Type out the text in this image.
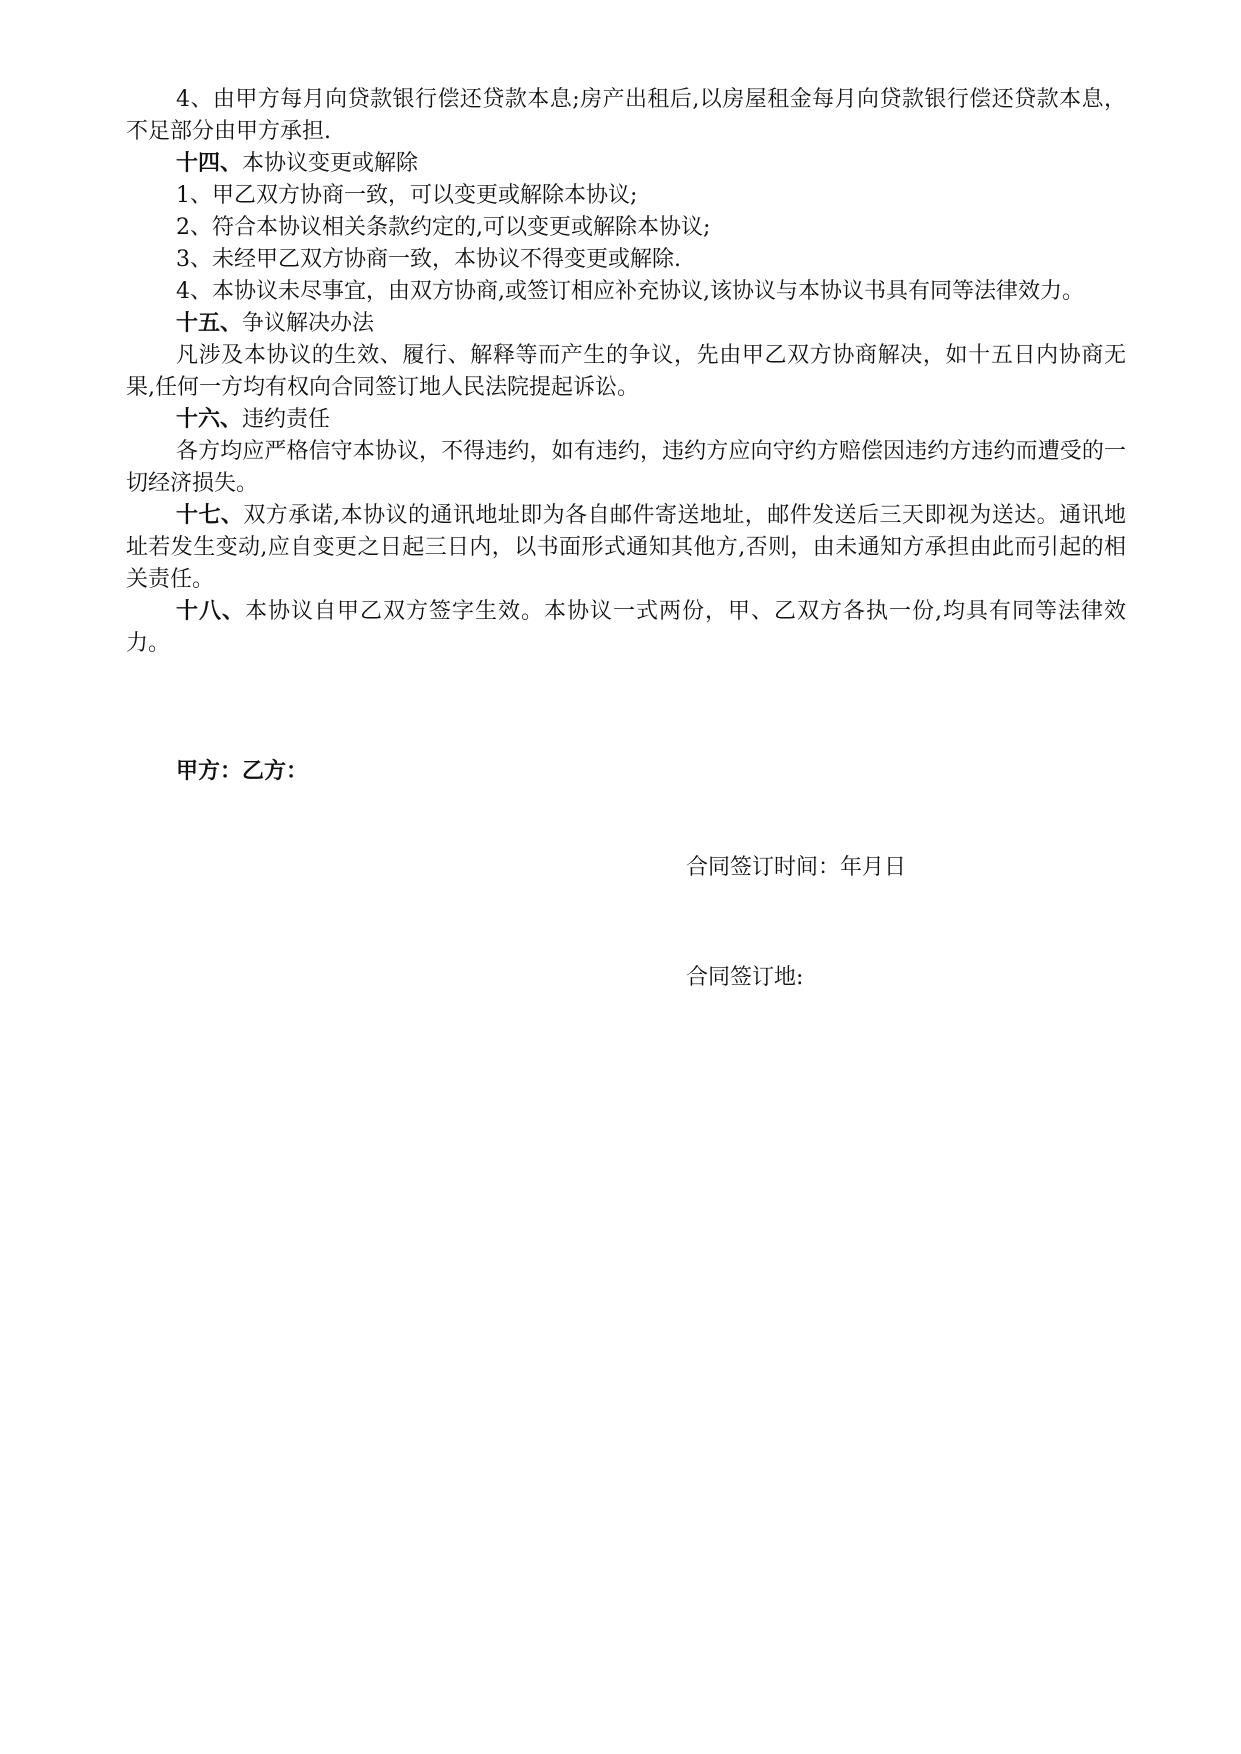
4、由甲方每月向贷款银行偿还贷款本息;房产出租后,以房屋租金每月向贷款银行偿还贷款本息，不足部分由甲方承担.

十四、本协议变更或解除

1、甲乙双方协商一致，可以变更或解除本协议;

2、符合本协议相关条款约定的,可以变更或解除本协议;

3、未经甲乙双方协商一致，本协议不得变更或解除.

4、本协议未尽事宜，由双方协商,或签订相应补充协议,该协议与本协议书具有同等法律效力。

十五、争议解决办法

凡涉及本协议的生效、履行、解释等而产生的争议，先由甲乙双方协商解决，如十五日内协商无果,任何一方均有权向合同签订地人民法院提起诉讼。

十六、违约责任

各方均应严格信守本协议，不得违约，如有违约，违约方应向守约方赔偿因违约方违约而遭受的一切经济损失。

十七、双方承诺,本协议的通讯地址即为各自邮件寄送地址，邮件发送后三天即视为送达。通讯地址若发生变动,应自变更之日起三日内，以书面形式通知其他方,否则，由未通知方承担由此而引起的相关责任。

十八、本协议自甲乙双方签字生效。本协议一式两份，甲、乙双方各执一份,均具有同等法律效力。

甲方：乙方：
合同签订时间：年月日
合同签订地:
